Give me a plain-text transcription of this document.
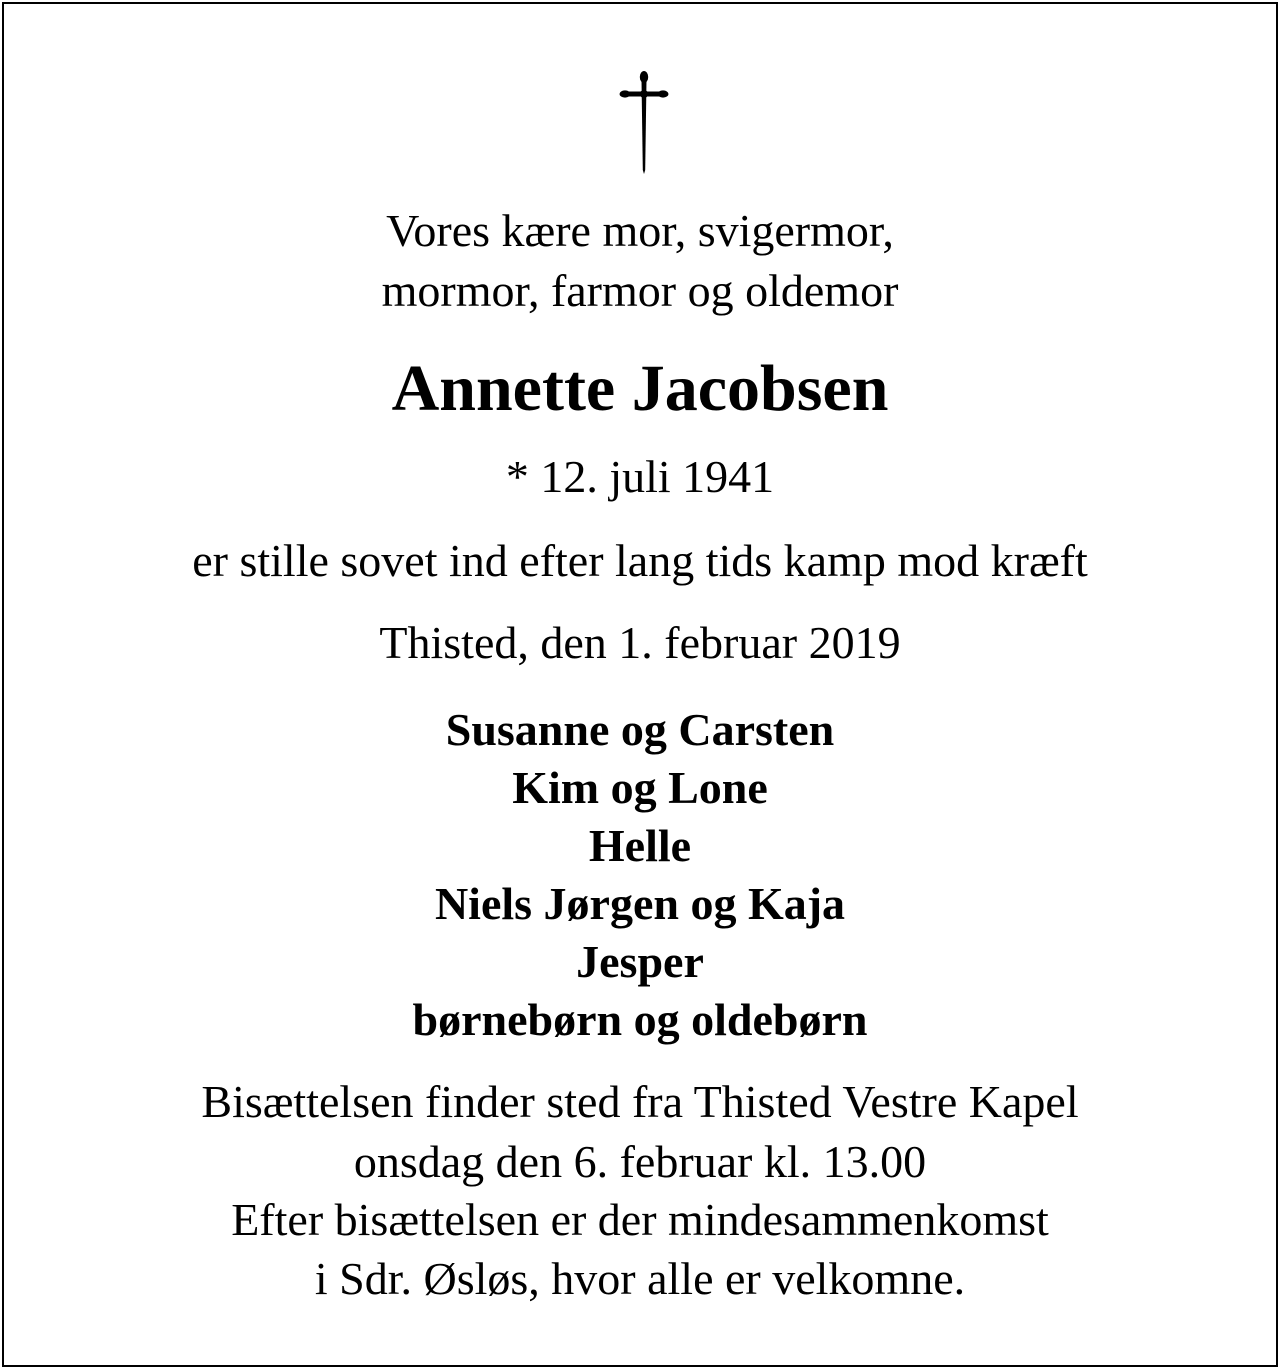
Vores kære mor, svigermor,
mormor, farmor og oldemor
Annette Jacobsen
* 12. juli 1941
er stille sovet ind efter lang tids kamp mod kræft
Thisted, den 1. februar 2019
Susanne og Carsten
Kim og Lone
Helle
Niels Jørgen og Kaja
Jesper
børnebørn og oldebørn
Bisættelsen finder sted fra Thisted Vestre Kapel
onsdag den 6. februar kl. 13.00
Efter bisættelsen er der mindesammenkomst
i Sdr. Øsløs, hvor alle er velkomne.
